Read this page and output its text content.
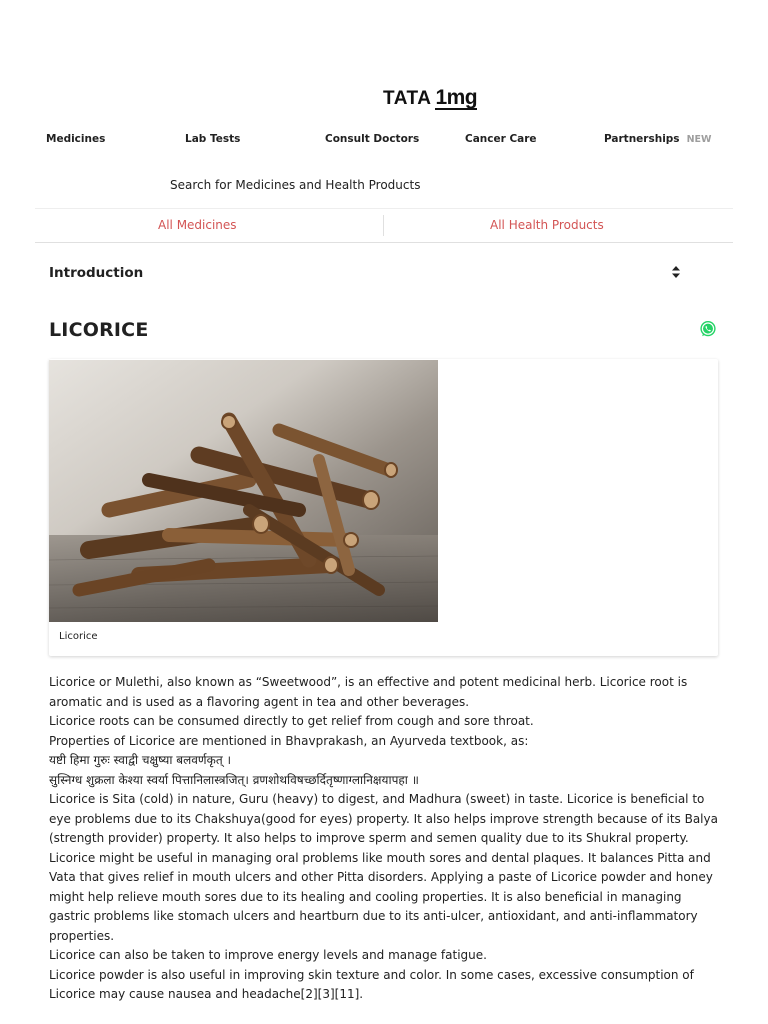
TATA 1mg
Medicines	Lab Tests	Consult Doctors	Cancer Care	Partnerships NEW
Search for Medicines and Health Products
All Medicines	All Health Products
Introduction
LICORICE
Licorice

Licorice or Mulethi, also known as “Sweetwood”, is an effective and potent medicinal herb. Licorice root is aromatic and is used as a flavoring agent in tea and other beverages.

Licorice roots can be consumed directly to get relief from cough and sore throat.

Properties of Licorice are mentioned in Bhavprakash, an Ayurveda textbook, as:

यष्टी हिमा गुरुः स्वाद्वी चक्षुष्या बलवर्णकृत् ।

सुस्निग्ध शुक्रला केश्या स्वर्या पित्तानिलास्त्रजित्। व्रणशोथविषच्छर्दितृष्णाग्लानिक्षयापहा ॥

Licorice is Sita (cold) in nature, Guru (heavy) to digest, and Madhura (sweet) in taste. Licorice is beneficial to eye problems due to its Chakshuya(good for eyes) property. It also helps improve strength because of its Balya (strength provider) property. It also helps to improve sperm and semen quality due to its Shukral property.

Licorice might be useful in managing oral problems like mouth sores and dental plaques. It balances Pitta and Vata that gives relief in mouth ulcers and other Pitta disorders. Applying a paste of Licorice powder and honey might help relieve mouth sores due to its healing and cooling properties. It is also beneficial in managing gastric problems like stomach ulcers and heartburn due to its anti-ulcer, antioxidant, and anti-inflammatory properties.

Licorice can also be taken to improve energy levels and manage fatigue.

Licorice powder is also useful in improving skin texture and color. In some cases, excessive consumption of Licorice may cause nausea and headache[2][3][11].
